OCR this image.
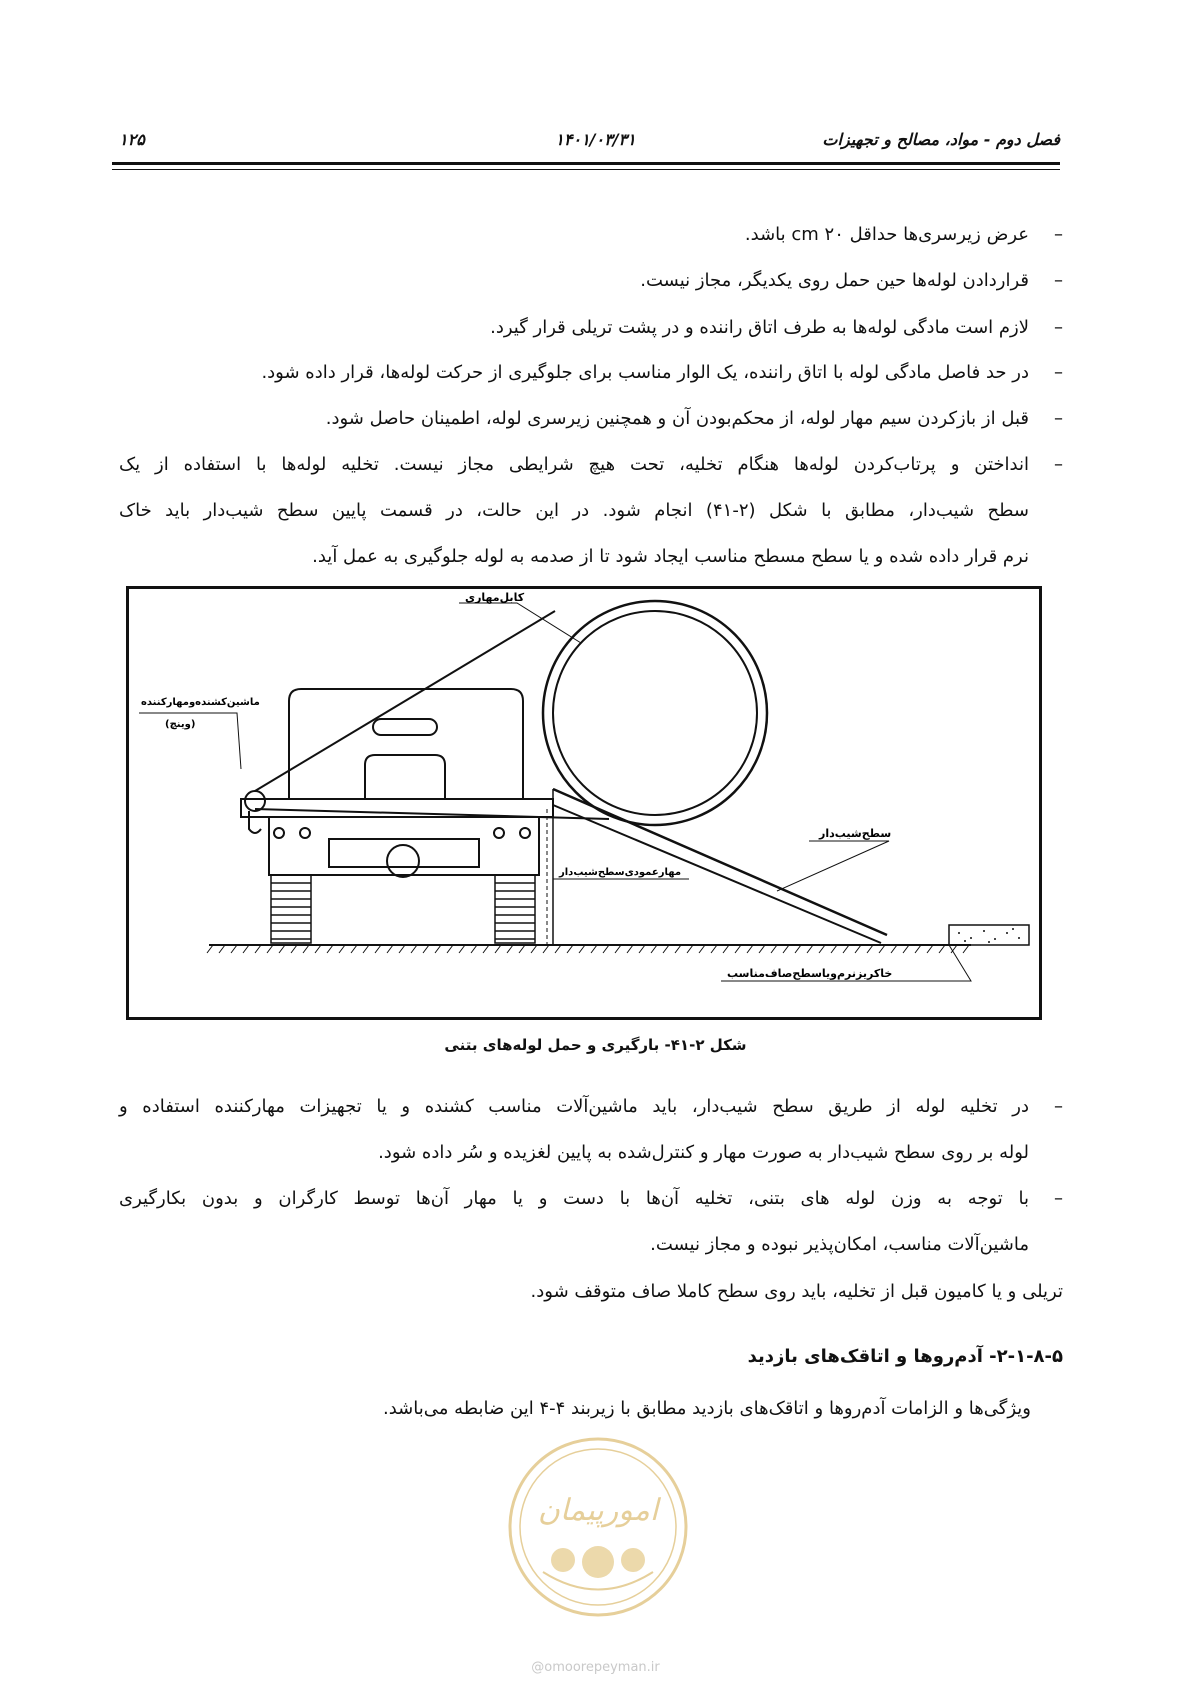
فصل دوم - مواد، مصالح و تجهیزات
۱۴۰۱/۰۳/۳۱
۱۲۵
–
عرض زیرسری‌ها حداقل cm ۲۰ باشد.
–
قراردادن لوله‌ها حین حمل روی یکدیگر، مجاز نیست.
–
لازم است مادگی لوله‌ها به طرف اتاق راننده و در پشت تریلی قرار گیرد.
–
در حد فاصل مادگی لوله با اتاق راننده، یک الوار مناسب برای جلوگیری از حرکت لوله‌ها، قرار داده شود.
–
قبل از بازکردن سیم مهار لوله، از محکم‌بودن آن و همچنین زیرسری لوله، اطمینان حاصل شود.
–
انداختن و پرتاب‌کردن لوله‌ها هنگام تخلیه، تحت هیچ شرایطی مجاز نیست. تخلیه لوله‌ها با استفاده از یک
سطح شیب‌دار، مطابق با شکل (۲-۴۱) انجام شود. در این حالت، در قسمت پایین سطح شیب‌دار باید خاک
نرم قرار داده شده و یا سطح مسطح مناسب ایجاد شود تا از صدمه به لوله جلوگیری به عمل آید.
کابل‌مهاری
ماشین‌کشنده‌و‌مهار‌کننده
(وینچ)
سطح‌شیب‌دار
مهار‌عمودی‌سطح‌شیب‌دار
خاکریز‌نرم‌و‌یا‌سطح‌صاف‌مناسب
شکل ۲-۴۱- بارگیری و حمل لوله‌های بتنی
–
در تخلیه لوله از طریق سطح شیب‌دار، باید ماشین‌آلات مناسب کشنده و یا تجهیزات مهارکننده استفاده و
لوله بر روی سطح شیب‌دار به صورت مهار و کنترل‌شده به پایین لغزیده و سُر داده شود.
–
با توجه به وزن لوله های بتنی، تخلیه آن‌ها با دست و یا مهار آن‌ها توسط کارگران و بدون بکارگیری
ماشین‌آلات مناسب، امکان‌پذیر نبوده و مجاز نیست.
تریلی و یا کامیون قبل از تخلیه، باید روی سطح کاملا صاف متوقف شود.
۲-۱-۸-۵- آدم‌روها و اتاقک‌های بازدید
ویژگی‌ها و الزامات آدم‌روها و اتاقک‌های بازدید مطابق با زیربند ۴-۴ این ضابطه می‌باشد.
امورپیمان
@omoorepeyman.ir
